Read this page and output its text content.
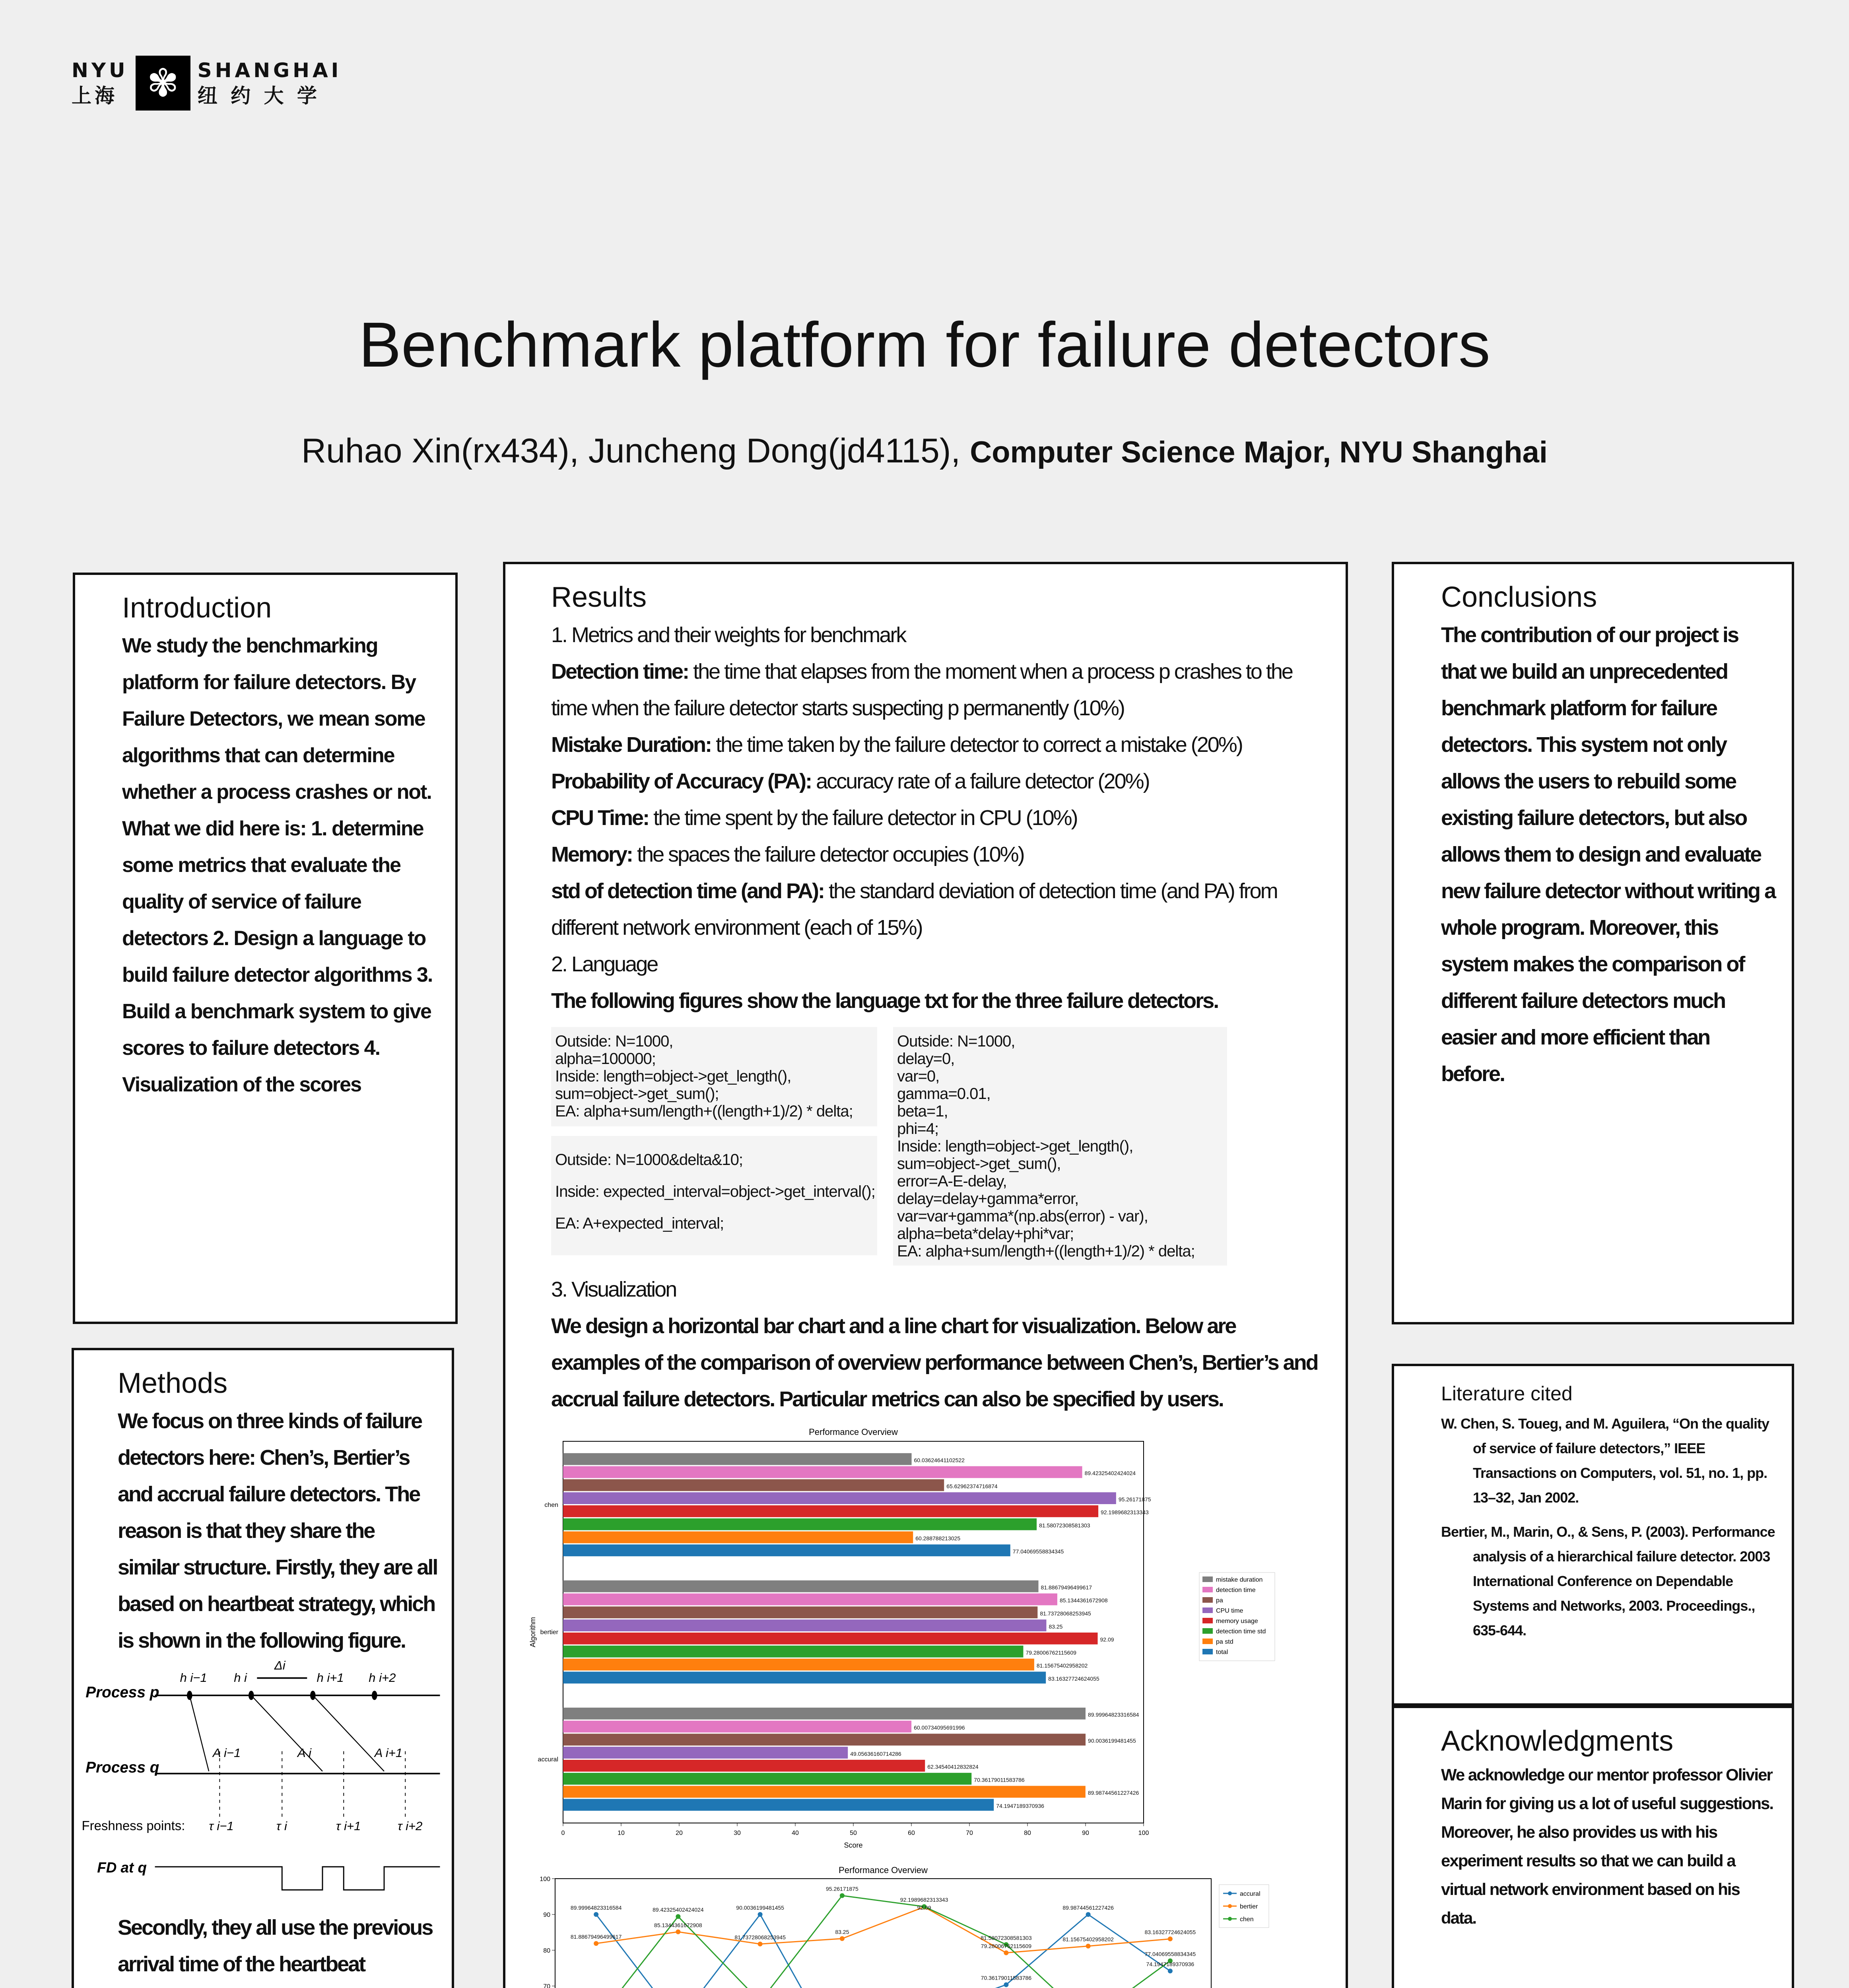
NYU
上海 ✾ SHANGHAI
纽 约 大 学
Benchmark platform for failure detectors
Ruhao Xin(rx434), Juncheng Dong(jd4115), Computer Science Major, NYU Shanghai
Introduction
We study the benchmarking platform for failure detectors. By Failure Detectors, we mean some algorithms that can determine whether a process crashes or not. What we did here is: 1. determine some metrics that evaluate the quality of service of failure detectors 2. Design a language to build failure detector algorithms 3. Build a benchmark system to give scores to failure detectors 4. Visualization of the scores
Methods
We focus on three kinds of failure detectors here: Chen’s, Bertier’s and accrual failure detectors. The reason is that they share the similar structure. Firstly, they are all based on heartbeat strategy, which is shown in the following figure.
Process p
Process q
Freshness points:
FD at q
h i−1 h i	h i+1 h i+2
Δi
A i−1	A i	A i+1
τ i−1	τ i	τ i+1	τ i+2
Secondly, they all use the previous arrival time of the heartbeat
Results
1. Metrics and their weights for benchmark
Detection time: the time that elapses from the moment when a process p crashes to the time when the failure detector starts suspecting p permanently (10%)
Mistake Duration: the time taken by the failure detector to correct a mistake (20%)
Probability of Accuracy (PA): accuracy rate of a failure detector (20%)
CPU Time: the time spent by the failure detector in CPU (10%)
Memory: the spaces the failure detector occupies (10%)
std of detection time (and PA): the standard deviation of detection time (and PA) from different network environment (each of 15%)
2. Language
The following figures show the language txt for the three failure detectors.
Outside: N=1000,
alpha=100000;
Inside: length=object->get_length(),
sum=object->get_sum();
EA: alpha+sum/length+((length+1)/2) * delta;
Outside: N=1000&delta&10;
Inside: expected_interval=object->get_interval();
EA: A+expected_interval;
Outside: N=1000,
delay=0,
var=0,
gamma=0.01,
beta=1,
phi=4;
Inside: length=object->get_length(),
sum=object->get_sum(),
error=A-E-delay,
delay=delay+gamma*error,
var=var+gamma*(np.abs(error) - var),
alpha=beta*delay+phi*var;
EA: alpha+sum/length+((length+1)/2) * delta;
3. Visualization
We design a horizontal bar chart and a line chart for visualization. Below are examples of the comparison of overview performance between Chen’s, Bertier’s and accrual failure detectors. Particular metrics can also be specified by users.
Performance Overview
60.03624641102522
89.42325402424024
65.62962374716874
95.26171875
92.1989682313343
81.58072308581303
60.288788213025
77.04069558834345
chen
81.88679496499617
85.1344361672908
81.73728068253945
83.25
92.09
79.28006762115609
81.15675402958202
83.16327724624055
bertier
89.99964823316584
60.00734095691996
90.0036199481455
49.05636160714286
62.34540412832824
70.36179011583786
89.98744561227426
74.1947189370936
accural
0	10	20	30	40	50	60	70	80	90	100
Score
Algorithm
mistake duration
detection time
pa
CPU time
memory usage
detection time std
pa std
total
Performance Overview
70
80
90
100
89.99964823316584
81.88679496499617
89.42325402424024
85.1344361672908
90.0036199481455
81.73728068253945
95.26171875
83.25
92.1989682313343
92.09
81.58072308581303
79.28006762115609
70.36179011583786
89.98744561227426
81.15675402958202
83.16327724624055
77.04069558834345
74.1947189370936
accural
bertier
chen
Conclusions
The contribution of our project is that we build an unprecedented benchmark platform for failure detectors. This system not only allows the users to rebuild some existing failure detectors, but also allows them to design and evaluate new failure detector without writing a whole program. Moreover, this system makes the comparison of different failure detectors much easier and more efficient than before.
Literature cited
W. Chen, S. Toueg, and M. Aguilera, “On the quality of service of failure detectors,” IEEE Transactions on Computers, vol. 51, no. 1, pp. 13–32, Jan 2002.
Bertier, M., Marin, O., & Sens, P. (2003). Performance analysis of a hierarchical failure detector. 2003 International Conference on Dependable Systems and Networks, 2003. Proceedings., 635-644.
Acknowledgments
We acknowledge our mentor professor Olivier Marin for giving us a lot of useful suggestions. Moreover, he also provides us with his experiment results so that we can build a virtual network environment based on his data.
